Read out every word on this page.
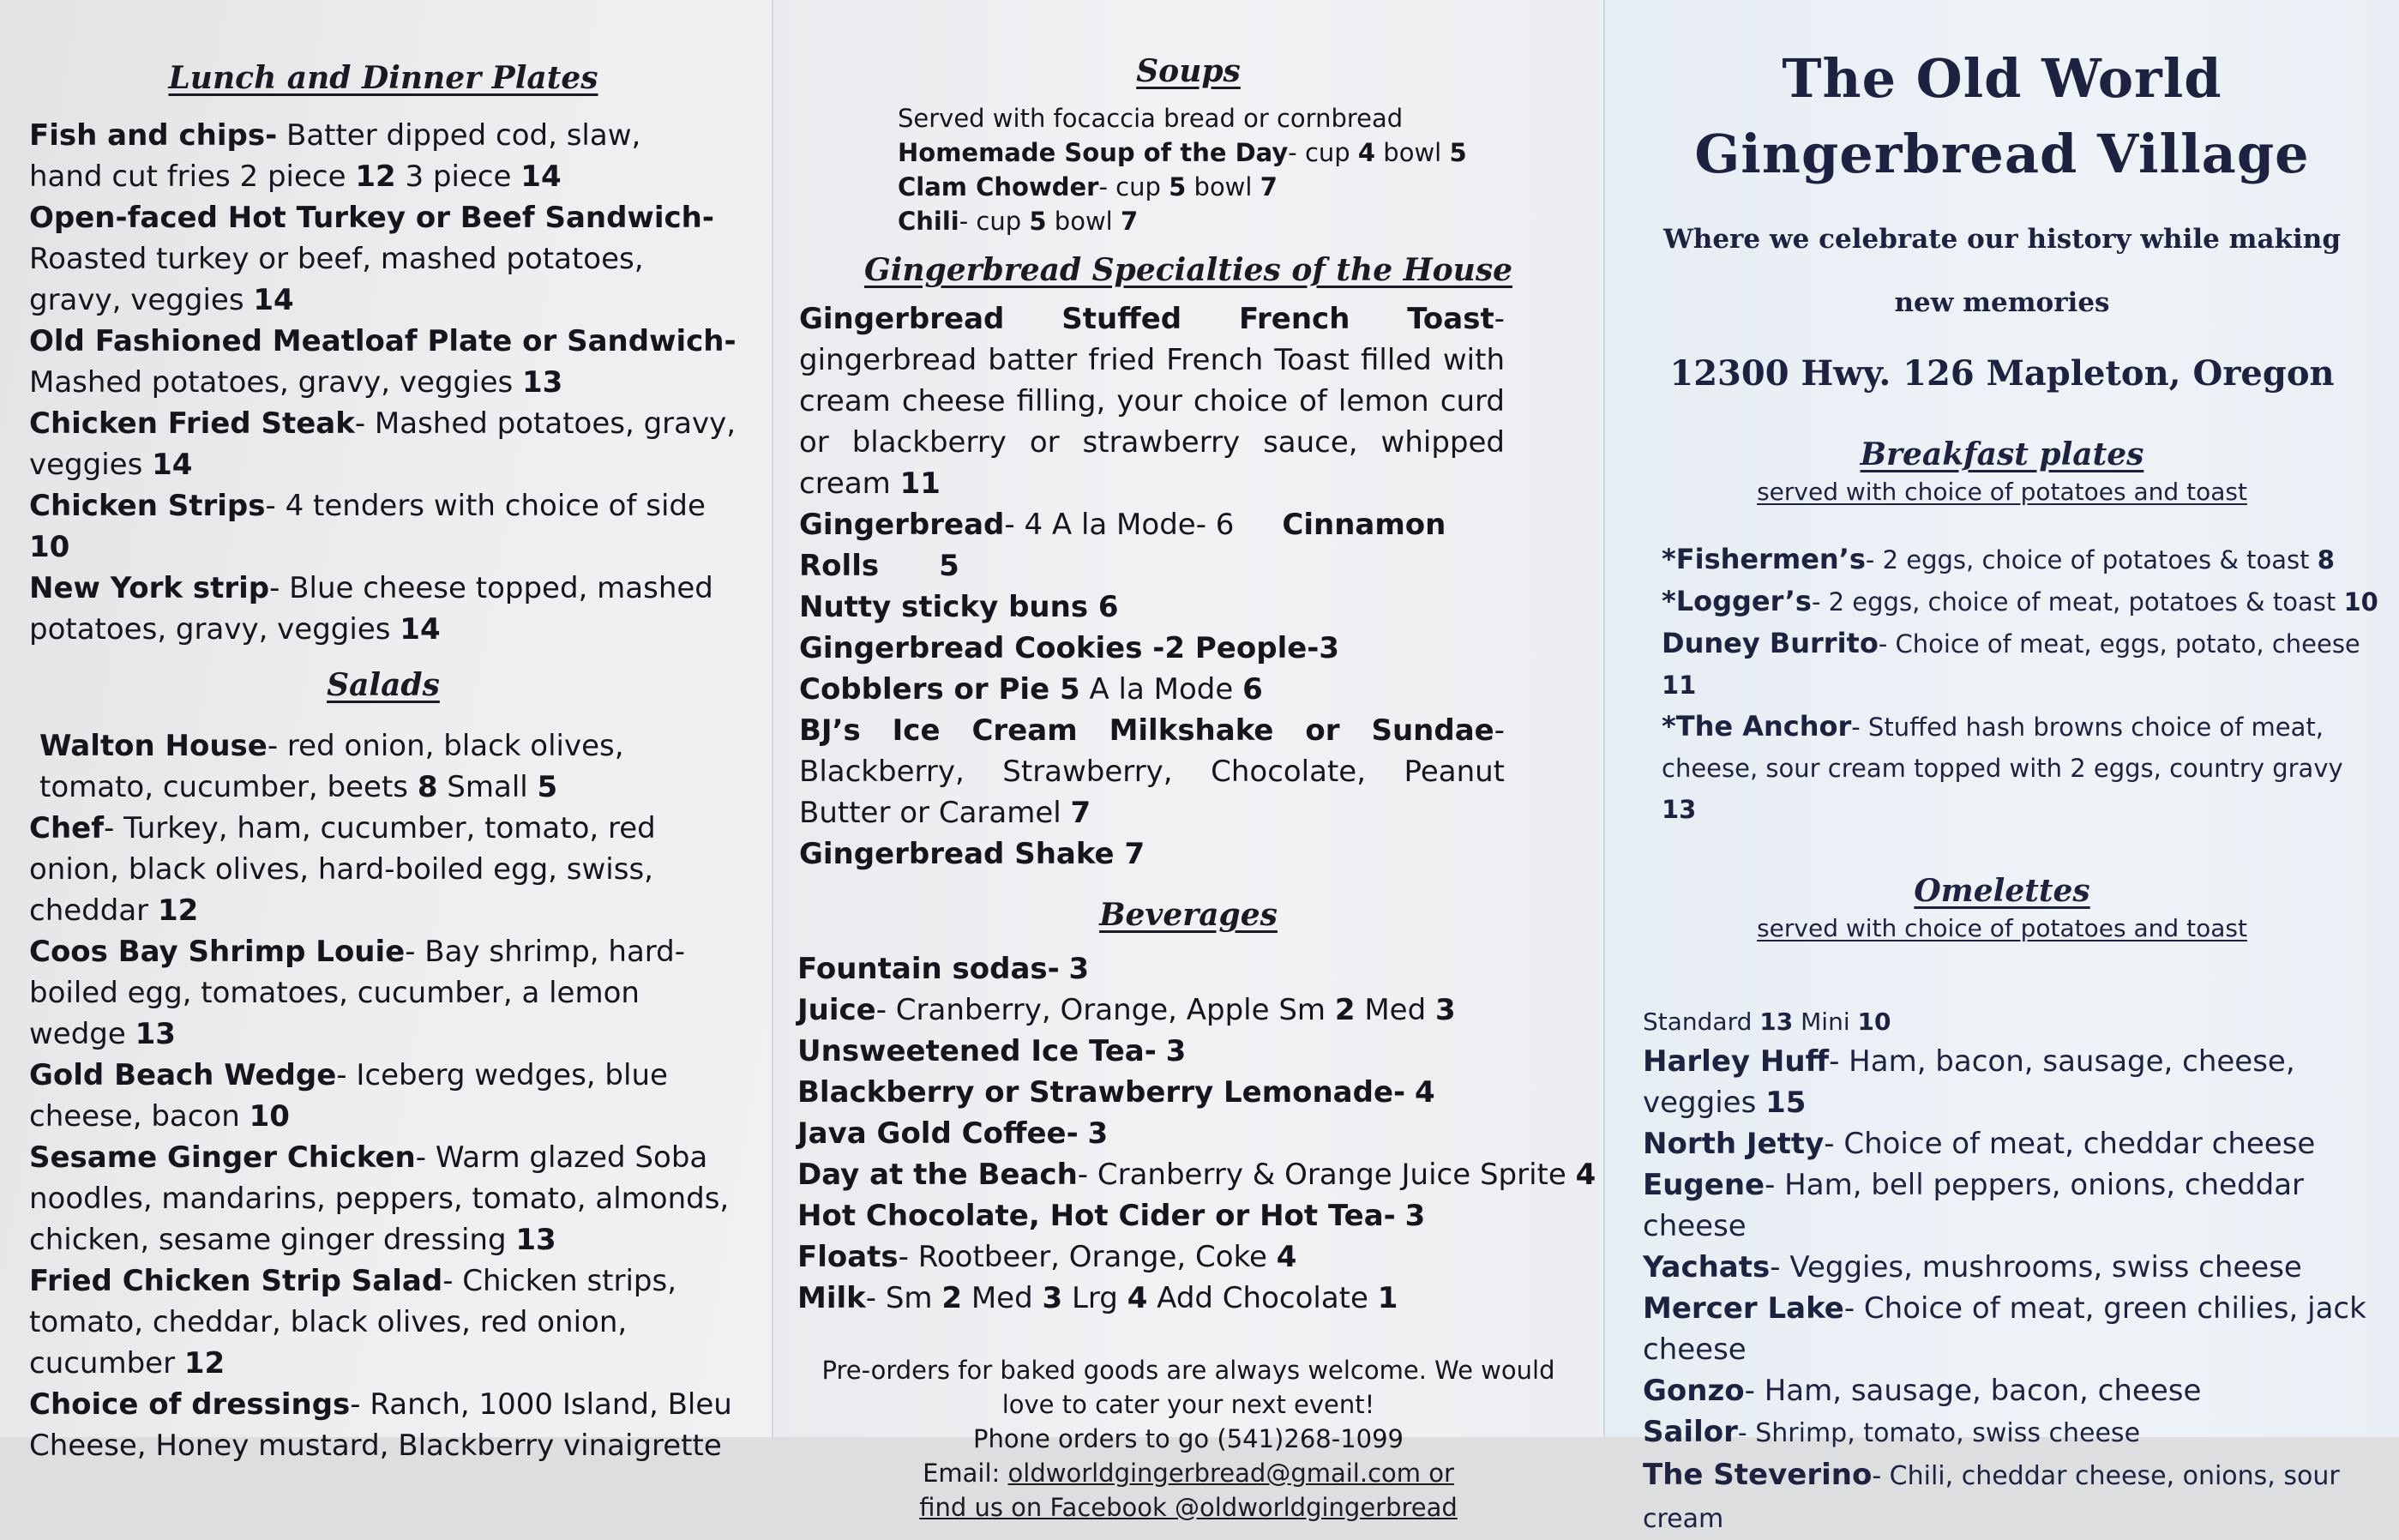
Lunch and Dinner Plates

Fish and chips- Batter dipped cod, slaw,
hand cut fries 2 piece 12 3 piece 14

Open-faced Hot Turkey or Beef Sandwich-
Roasted turkey or beef, mashed potatoes, gravy, veggies 14

Old Fashioned Meatloaf Plate or Sandwich-
Mashed potatoes, gravy, veggies 13

Chicken Fried Steak- Mashed potatoes, gravy, veggies 14

Chicken Strips- 4 tenders with choice of side 10

New York strip- Blue cheese topped, mashed potatoes, gravy, veggies 14

Salads

Walton House- red onion, black olives, tomato, cucumber, beets 8 Small 5

Chef- Turkey, ham, cucumber, tomato, red onion, black olives, hard-boiled egg, swiss, cheddar 12

Coos Bay Shrimp Louie- Bay shrimp, hard-boiled egg, tomatoes, cucumber, a lemon wedge 13

Gold Beach Wedge- Iceberg wedges, blue cheese, bacon 10

Sesame Ginger Chicken- Warm glazed Soba noodles, mandarins, peppers, tomato, almonds, chicken, sesame ginger dressing 13

Fried Chicken Strip Salad- Chicken strips, tomato, cheddar, black olives, red onion, cucumber 12

Choice of dressings- Ranch, 1000 Island, Bleu Cheese, Honey mustard, Blackberry vinaigrette

Soups
Served with focaccia bread or cornbread
Homemade Soup of the Day- cup 4 bowl 5
Clam Chowder- cup 5 bowl 7
Chili- cup 5 bowl 7
Gingerbread Specialties of the House

Gingerbread Stuffed French Toast- gingerbread batter fried French Toast filled with cream cheese filling, your choice of lemon curd or blackberry or strawberry sauce, whipped cream 11

Gingerbread- 4 A la Mode- 6 Cinnamon Rolls 5

Nutty sticky buns 6

Gingerbread Cookies -2 People-3

Cobblers or Pie 5 A la Mode 6

BJ’s Ice Cream Milkshake or Sundae- Blackberry, Strawberry, Chocolate, Peanut Butter or Caramel 7

Gingerbread Shake 7

Beverages

Fountain sodas- 3

Juice- Cranberry, Orange, Apple Sm 2 Med 3

Unsweetened Ice Tea- 3

Blackberry or Strawberry Lemonade- 4

Java Gold Coffee- 3

Day at the Beach- Cranberry & Orange Juice Sprite 4

Hot Chocolate, Hot Cider or Hot Tea- 3

Floats- Rootbeer, Orange, Coke 4

Milk- Sm 2 Med 3 Lrg 4 Add Chocolate 1

Pre-orders for baked goods are always welcome. We would love to cater your next event!
Phone orders to go (541)268-1099
Email: oldworldgingerbread@gmail.com or
find us on Facebook @oldworldgingerbread
The Old World
Gingerbread Village

Where we celebrate our history while making new memories

12300 Hwy. 126 Mapleton, Oregon

Breakfast plates

served with choice of potatoes and toast

*Fishermen’s- 2 eggs, choice of potatoes & toast 8
*Logger’s- 2 eggs, choice of meat, potatoes & toast 10
Duney Burrito- Choice of meat, eggs, potato, cheese 11
*The Anchor- Stuffed hash browns choice of meat, cheese, sour cream topped with 2 eggs, country gravy 13
Omelettes

served with choice of potatoes and toast

Standard 13 Mini 10
Harley Huff- Ham, bacon, sausage, cheese, veggies 15
North Jetty- Choice of meat, cheddar cheese
Eugene- Ham, bell peppers, onions, cheddar cheese
Yachats- Veggies, mushrooms, swiss cheese
Mercer Lake- Choice of meat, green chilies, jack cheese
Gonzo- Ham, sausage, bacon, cheese
Sailor- Shrimp, tomato, swiss cheese
The Steverino- Chili, cheddar cheese, onions, sour cream
